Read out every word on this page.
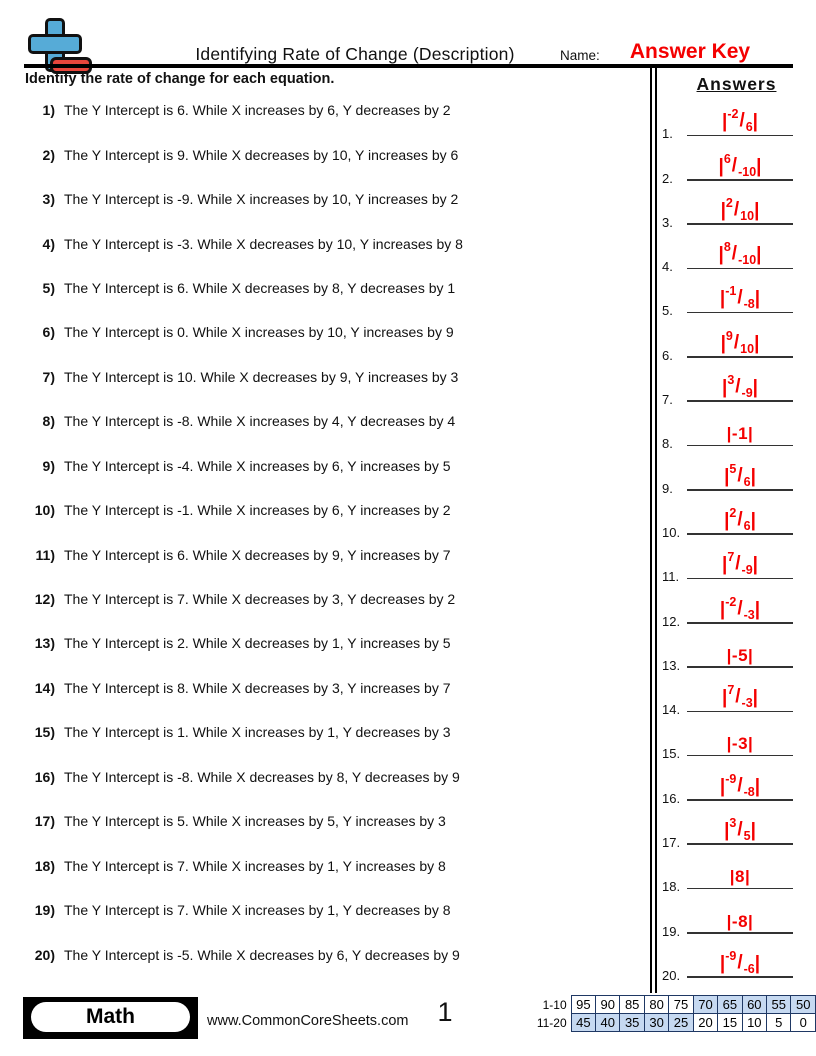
Identifying Rate of Change (Description)	Name:	Answer Key
Identify the rate of change for each equation.
1) The Y Intercept is 6. While X increases by 6, Y decreases by 2
2) The Y Intercept is 9. While X decreases by 10, Y increases by 6
3) The Y Intercept is -9. While X increases by 10, Y increases by 2
4) The Y Intercept is -3. While X decreases by 10, Y increases by 8
5) The Y Intercept is 6. While X decreases by 8, Y decreases by 1
6) The Y Intercept is 0. While X increases by 10, Y increases by 9
7) The Y Intercept is 10. While X decreases by 9, Y increases by 3
8) The Y Intercept is -8. While X increases by 4, Y decreases by 4
9) The Y Intercept is -4. While X increases by 6, Y increases by 5
10) The Y Intercept is -1. While X increases by 6, Y increases by 2
11) The Y Intercept is 6. While X decreases by 9, Y increases by 7
12) The Y Intercept is 7. While X decreases by 3, Y decreases by 2
13) The Y Intercept is 2. While X decreases by 1, Y increases by 5
14) The Y Intercept is 8. While X decreases by 3, Y increases by 7
15) The Y Intercept is 1. While X increases by 1, Y decreases by 3
16) The Y Intercept is -8. While X decreases by 8, Y decreases by 9
17) The Y Intercept is 5. While X increases by 5, Y increases by 3
18) The Y Intercept is 7. While X increases by 1, Y increases by 8
19) The Y Intercept is 7. While X increases by 1, Y decreases by 8
20) The Y Intercept is -5. While X decreases by 6, Y decreases by 9
Answers
1.
$|^{-2}/_6|$
2.
$|^6/_{-10}|$
3.
$|^2/_{10}|$
4.
$|^8/_{-10}|$
5.
$|^{-1}/_{-8}|$
6.
$|^9/_{10}|$
7.
$|^3/_{-9}|$
8.
|-1|
9.
$|^5/_6|$
10.
$|^2/_6|$
11.
$|^7/_{-9}|$
12.
$|^{-2}/_{-3}|$
13.
|-5|
14.
$|^7/_{-3}|$
15.
|-3|
16.
$|^{-9}/_{-8}|$
17.
$|^3/_5|$
18.
|8|
19.
|-8|
20.
$|^{-9}/_{-6}|$
Math	www.CommonCoreSheets.com	1	1-10	95	90	85	80	75	70	65	60	55	50
11-20	45	40	35	30	25	20	15	10	5	0
